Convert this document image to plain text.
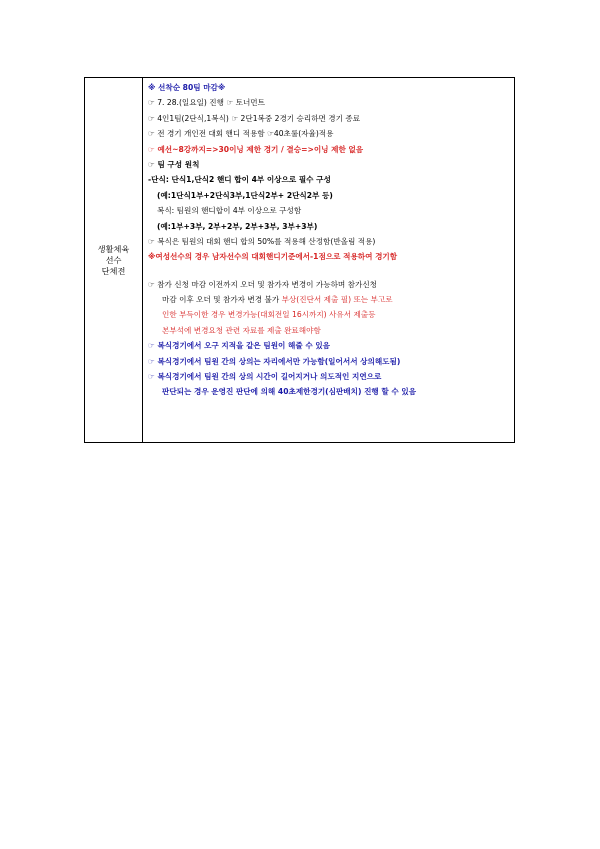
생활체육
선수
단체전
※ 선착순 80팀 마감※
☞ 7. 28.(일요일) 진행 ☞ 토너먼트
☞ 4인1팀(2단식,1복식) ☞ 2단1복중 2경기 승리하면 경기 종료
☞ 전 경기 개인전 대회 핸디 적용함 ☞40초룰(자율)적용
☞ 예선~8강까지=>30이닝 제한 경기 / 결승=>이닝 제한 없음
☞ 팀 구성 원칙
-단식: 단식1,단식2 핸디 합이 4부 이상으로 필수 구성
(예:1단식1부+2단식3부,1단식2부+ 2단식2부 등)
복식: 팀원의 핸디합이 4부 이상으로 구성함
(예:1부+3부, 2부+2부, 2부+3부, 3부+3부)
☞ 복식은 팀원의 대회 핸디 합의 50%를 적용해 산정함(반올림 적용)
※여성선수의 경우 남자선수의 대회핸디기준에서-1점으로 적용하여 경기함
☞ 참가 신청 마감 이전까지 오더 및 참가자 변경이 가능하며 참가신청
마감 이후 오더 및 참가자 변경 불가 부상(진단서 제출 필) 또는 부고로
인한 부득이한 경우 변경가능(대회전일 16시까지) 사유서 제출등
본부석에 변경요청 관련 자료를 제출 완료해야함
☞ 복식경기에서 오구 지적을 같은 팀원이 해줄 수 있음
☞ 복식경기에서 팀원 간의 상의는 자리에서만 가능함(일어서서 상의해도됨)
☞ 복식경기에서 팀원 간의 상의 시간이 길어지거나 의도적인 지연으로
판단되는 경우 운영진 판단에 의해 40초제한경기(심판배치) 진행 할 수 있음
